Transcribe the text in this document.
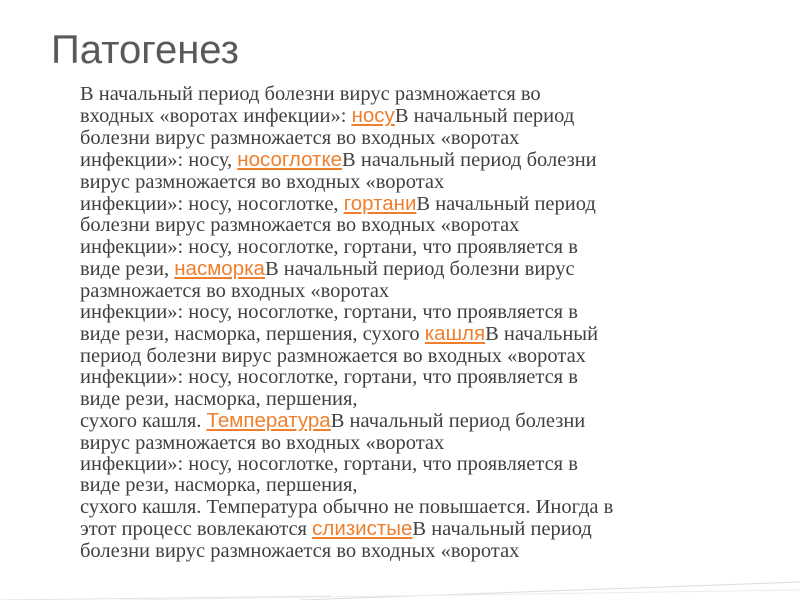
Патогенез
В начальный период болезни вирус размножается во
входных «воротах инфекции»: носуВ начальный период
болезни вирус размножается во входных «воротах
инфекции»: носу, носоглоткеВ начальный период болезни
вирус размножается во входных «воротах
инфекции»: носу, носоглотке, гортаниВ начальный период
болезни вирус размножается во входных «воротах
инфекции»: носу, носоглотке, гортани, что проявляется в
виде рези, насморкаВ начальный период болезни вирус
размножается во входных «воротах
инфекции»: носу, носоглотке, гортани, что проявляется в
виде рези, насморка, першения, сухого кашляВ начальный
период болезни вирус размножается во входных «воротах
инфекции»: носу, носоглотке, гортани, что проявляется в
виде рези, насморка, першения,
сухого кашля. ТемператураВ начальный период болезни
вирус размножается во входных «воротах
инфекции»: носу, носоглотке, гортани, что проявляется в
виде рези, насморка, першения,
сухого кашля. Температура обычно не повышается. Иногда в
этот процесс вовлекаются слизистыеВ начальный период
болезни вирус размножается во входных «воротах
